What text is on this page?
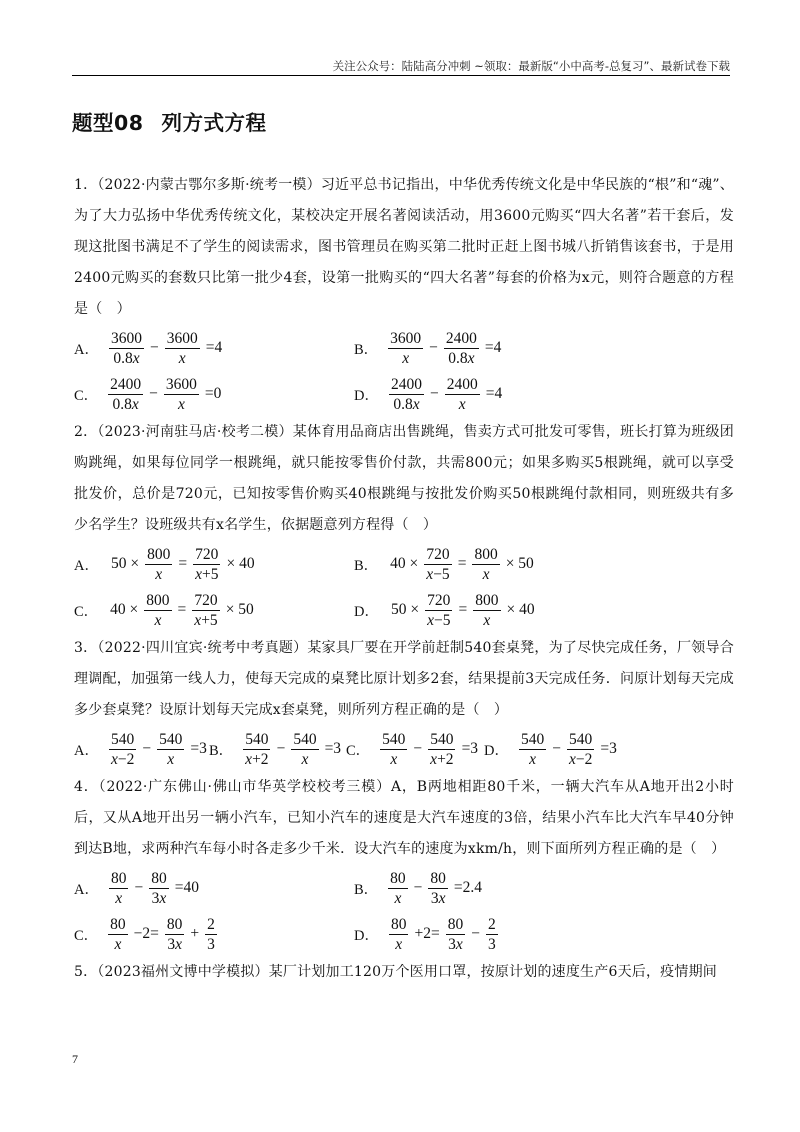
关注公众号：陆陆高分冲刺 ~领取：最新版“小中高考-总复习”、最新试卷下载
题型08 列方式方程

1．（2022·内蒙古鄂尔多斯·统考一模）习近平总书记指出，中华优秀传统文化是中华民族的“根”和“魂”、为了大力弘扬中华优秀传统文化，某校决定开展名著阅读活动，用3600元购买“四大名著”若干套后，发现这批图书满足不了学生的阅读需求，图书管理员在购买第二批时正赶上图书城八折销售该套书，于是用2400元购买的套数只比第一批少4套，设第一批购买的“四大名著”每套的价格为x元，则符合题意的方程是（　）

A． $\frac{3600}{0.8x} - \frac{3600}{x} =4$	B． $\frac{3600}{x} - \frac{2400}{0.8x} =4$
C． $\frac{2400}{0.8x} - \frac{3600}{x} =0$	D． $\frac{2400}{0.8x} - \frac{2400}{x} =4$

2．（2023·河南驻马店·校考二模）某体育用品商店出售跳绳，售卖方式可批发可零售，班长打算为班级团购跳绳，如果每位同学一根跳绳，就只能按零售价付款，共需800元；如果多购买5根跳绳，就可以享受批发价，总价是720元，已知按零售价购买40根跳绳与按批发价购买50根跳绳付款相同，则班级共有多少名学生？设班级共有x名学生，依据题意列方程得（　）

A． $50 \times \frac{800}{x} = \frac{720}{x+5} \times 40$	B． $40 \times \frac{720}{x-5} = \frac{800}{x} \times 50$
C． $40 \times \frac{800}{x} = \frac{720}{x+5} \times 50$	D． $50 \times \frac{720}{x-5} = \frac{800}{x} \times 40$

3．（2022·四川宜宾·统考中考真题）某家具厂要在开学前赶制540套桌凳，为了尽快完成任务，厂领导合理调配，加强第一线人力，使每天完成的桌凳比原计划多2套，结果提前3天完成任务．问原计划每天完成多少套桌凳？设原计划每天完成x套桌凳，则所列方程正确的是（　）

A． $\frac{540}{x-2} - \frac{540}{x} =3$ B． $\frac{540}{x+2} - \frac{540}{x} =3$ C． $\frac{540}{x} - \frac{540}{x+2} =3$ D． $\frac{540}{x} - \frac{540}{x-2} =3$

4．（2022·广东佛山·佛山市华英学校校考三模）A，B两地相距80千米，一辆大汽车从A地开出2小时后，又从A地开出另一辆小汽车，已知小汽车的速度是大汽车速度的3倍，结果小汽车比大汽车早40分钟到达B地，求两种汽车每小时各走多少千米．设大汽车的速度为xkm/h，则下面所列方程正确的是（　）

A． $\frac{80}{x} - \frac{80}{3x} =40$	B． $\frac{80}{x} - \frac{80}{3x} =2.4$
C． $\frac{80}{x} -2= \frac{80}{3x} + \frac{2}{3}$	D． $\frac{80}{x} +2= \frac{80}{3x} - \frac{2}{3}$

5．（2023福州文博中学模拟）某厂计划加工120万个医用口罩，按原计划的速度生产6天后，疫情期间

7
